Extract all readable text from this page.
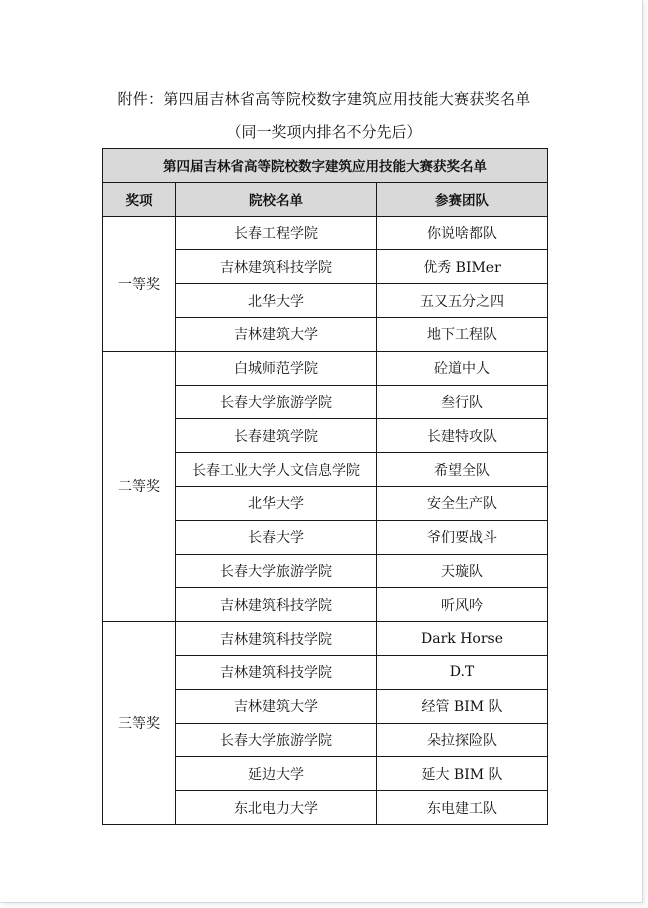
附件：第四届吉林省高等院校数字建筑应用技能大赛获奖名单
（同一奖项内排名不分先后）
第四届吉林省高等院校数字建筑应用技能大赛获奖名单		
奖项	院校名单	参赛团队
一等奖	长春工程学院	你说啥都队
	吉林建筑科技学院	优秀 BIMer
	北华大学	五又五分之四
	吉林建筑大学	地下工程队
二等奖	白城师范学院	砼道中人
	长春大学旅游学院	叁行队
	长春建筑学院	长建特攻队
	长春工业大学人文信息学院	希望全队
	北华大学	安全生产队
	长春大学	爷们要战斗
	长春大学旅游学院	天璇队
	吉林建筑科技学院	听风吟
三等奖	吉林建筑科技学院	Dark Horse
	吉林建筑科技学院	D.T
	吉林建筑大学	经管 BIM 队
	长春大学旅游学院	朵拉探险队
	延边大学	延大 BIM 队
	东北电力大学	东电建工队
